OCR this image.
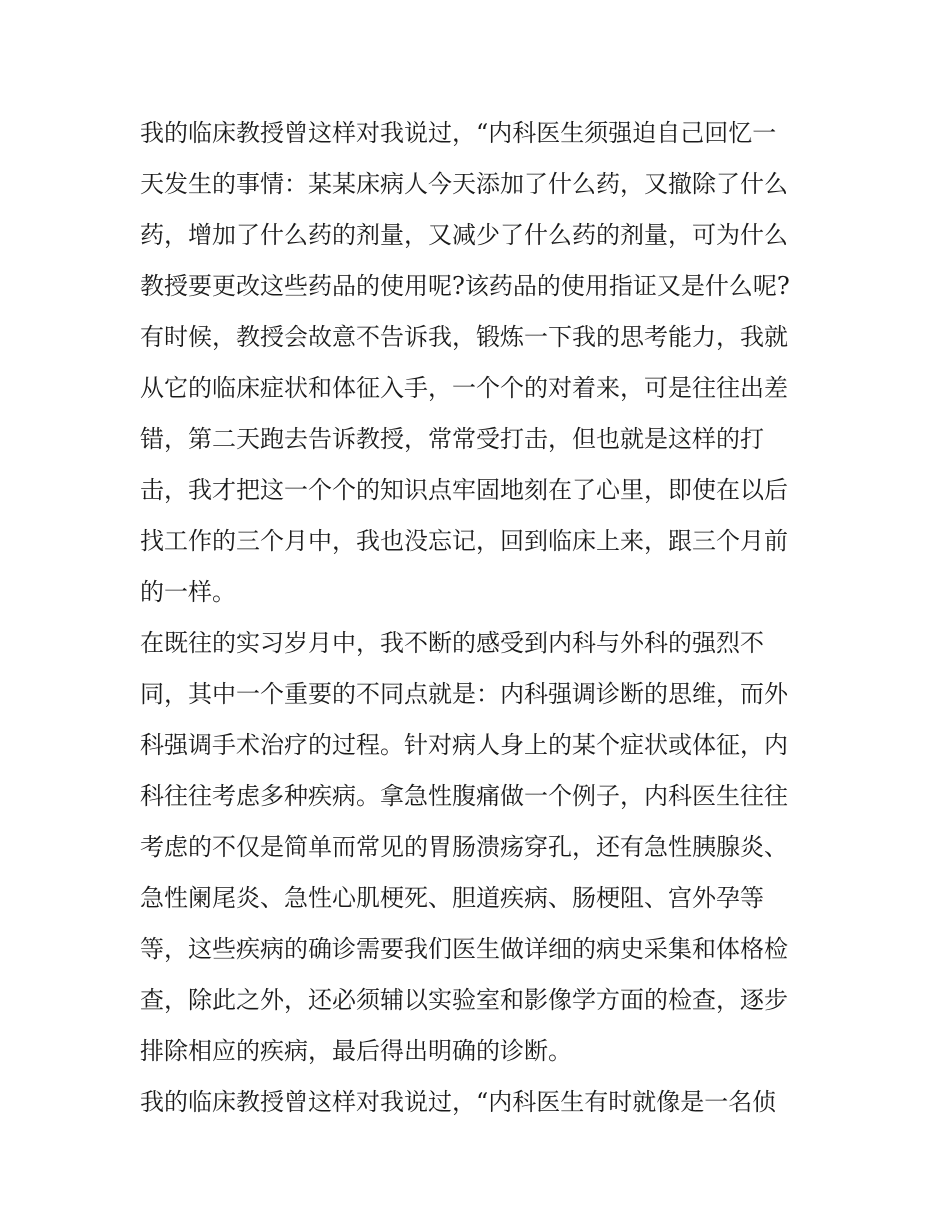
我的临床教授曾这样对我说过，“内科医生须强迫自己回忆一
天发生的事情：某某床病人今天添加了什么药，又撤除了什么
药，增加了什么药的剂量，又减少了什么药的剂量，可为什么
教授要更改这些药品的使用呢?该药品的使用指证又是什么呢?
有时候，教授会故意不告诉我，锻炼一下我的思考能力，我就
从它的临床症状和体征入手，一个个的对着来，可是往往出差
错，第二天跑去告诉教授，常常受打击，但也就是这样的打
击，我才把这一个个的知识点牢固地刻在了心里，即使在以后
找工作的三个月中，我也没忘记，回到临床上来，跟三个月前
的一样。
在既往的实习岁月中，我不断的感受到内科与外科的强烈不
同，其中一个重要的不同点就是：内科强调诊断的思维，而外
科强调手术治疗的过程。针对病人身上的某个症状或体征，内
科往往考虑多种疾病。拿急性腹痛做一个例子，内科医生往往
考虑的不仅是简单而常见的胃肠溃疡穿孔，还有急性胰腺炎、
急性阑尾炎、急性心肌梗死、胆道疾病、肠梗阻、宫外孕等
等，这些疾病的确诊需要我们医生做详细的病史采集和体格检
查，除此之外，还必须辅以实验室和影像学方面的检查，逐步
排除相应的疾病，最后得出明确的诊断。
我的临床教授曾这样对我说过，“内科医生有时就像是一名侦
